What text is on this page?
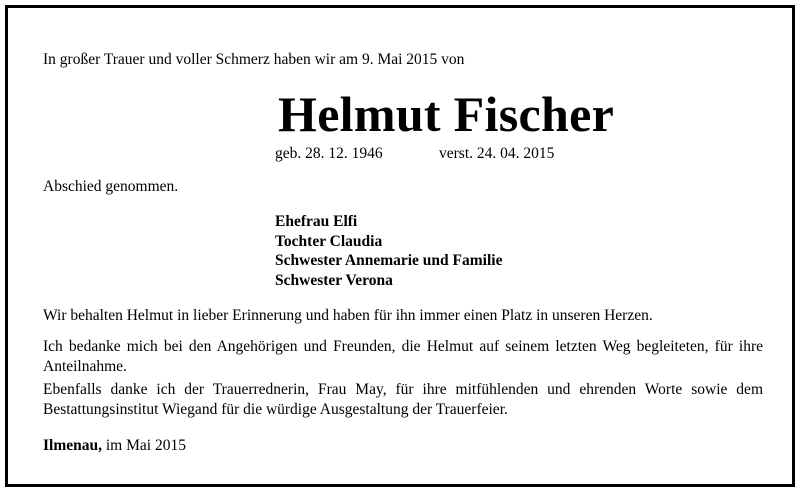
In großer Trauer und voller Schmerz haben wir am 9. Mai 2015 von
Helmut Fischer
geb. 28. 12. 1946	verst. 24. 04. 2015
Abschied genommen.
Ehefrau Elfi
Tochter Claudia
Schwester Annemarie und Familie
Schwester Verona
Wir behalten Helmut in lieber Erinnerung und haben für ihn immer einen Platz in unseren Herzen.
Ich bedanke mich bei den Angehörigen und Freunden, die Helmut auf seinem letzten Weg begleiteten, für ihre Anteilnahme.
Ebenfalls danke ich der Trauerrednerin, Frau May, für ihre mitfühlenden und ehrenden Worte sowie dem Bestattungsinstitut Wiegand für die würdige Ausgestaltung der Trauerfeier.
Ilmenau, im Mai 2015
